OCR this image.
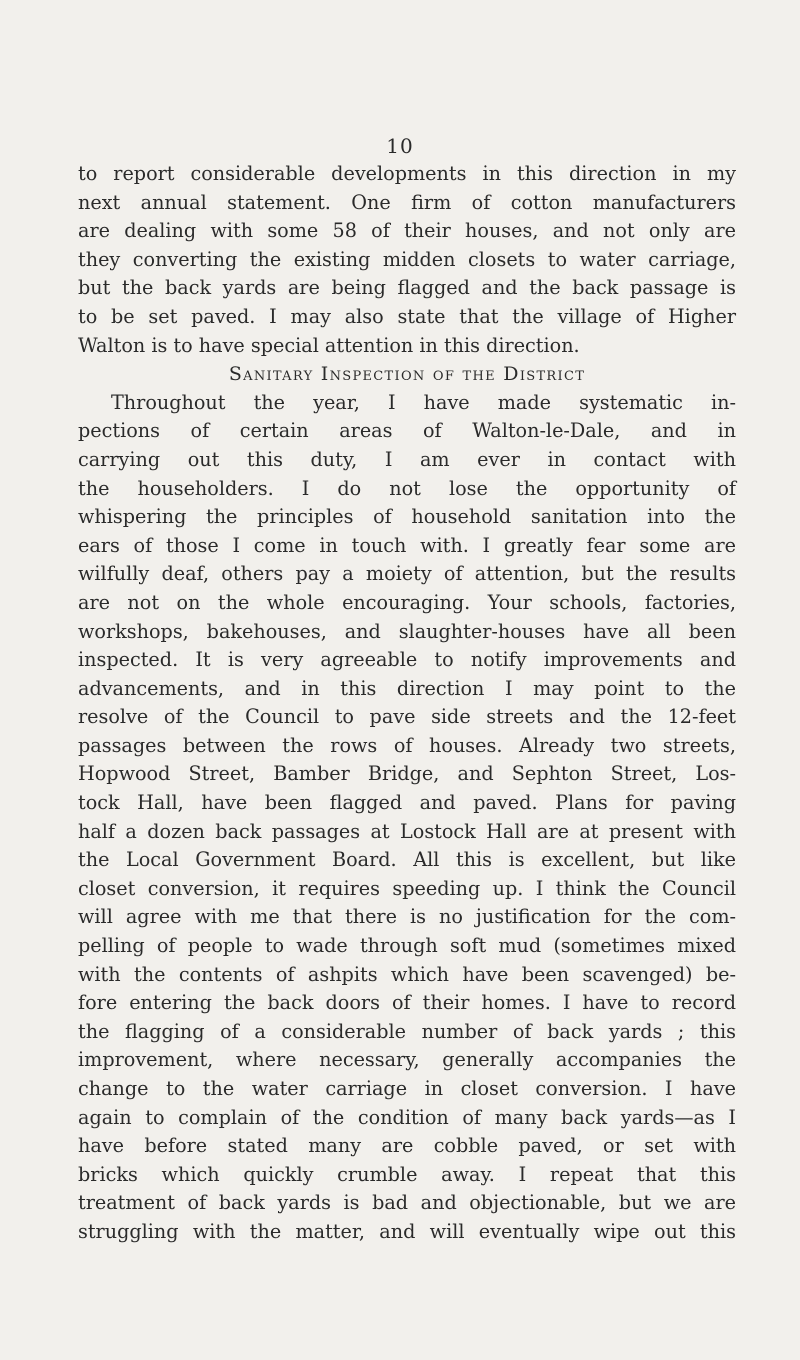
10
to report considerable developments in this direction in my
next annual statement. One firm of cotton manufacturers
are dealing with some 58 of their houses, and not only are
they converting the existing midden closets to water carriage,
but the back yards are being flagged and the back passage is
to be set paved. I may also state that the village of Higher
Walton is to have special attention in this direction.
Sanitary Inspection of the District
Throughout the year, I have made systematic in-
pections of certain areas of Walton-le-Dale, and in
carrying out this duty, I am ever in contact with
the householders. I do not lose the opportunity of
whispering the principles of household sanitation into the
ears of those I come in touch with. I greatly fear some are
wilfully deaf, others pay a moiety of attention, but the results
are not on the whole encouraging. Your schools, factories,
workshops, bakehouses, and slaughter-houses have all been
inspected. It is very agreeable to notify improvements and
advancements, and in this direction I may point to the
resolve of the Council to pave side streets and the 12-feet
passages between the rows of houses. Already two streets,
Hopwood Street, Bamber Bridge, and Sephton Street, Los-
tock Hall, have been flagged and paved. Plans for paving
half a dozen back passages at Lostock Hall are at present with
the Local Government Board. All this is excellent, but like
closet conversion, it requires speeding up. I think the Council
will agree with me that there is no justification for the com-
pelling of people to wade through soft mud (sometimes mixed
with the contents of ashpits which have been scavenged) be-
fore entering the back doors of their homes. I have to record
the flagging of a considerable number of back yards ; this
improvement, where necessary, generally accompanies the
change to the water carriage in closet conversion. I have
again to complain of the condition of many back yards—as I
have before stated many are cobble paved, or set with
bricks which quickly crumble away. I repeat that this
treatment of back yards is bad and objectionable, but we are
struggling with the matter, and will eventually wipe out this
